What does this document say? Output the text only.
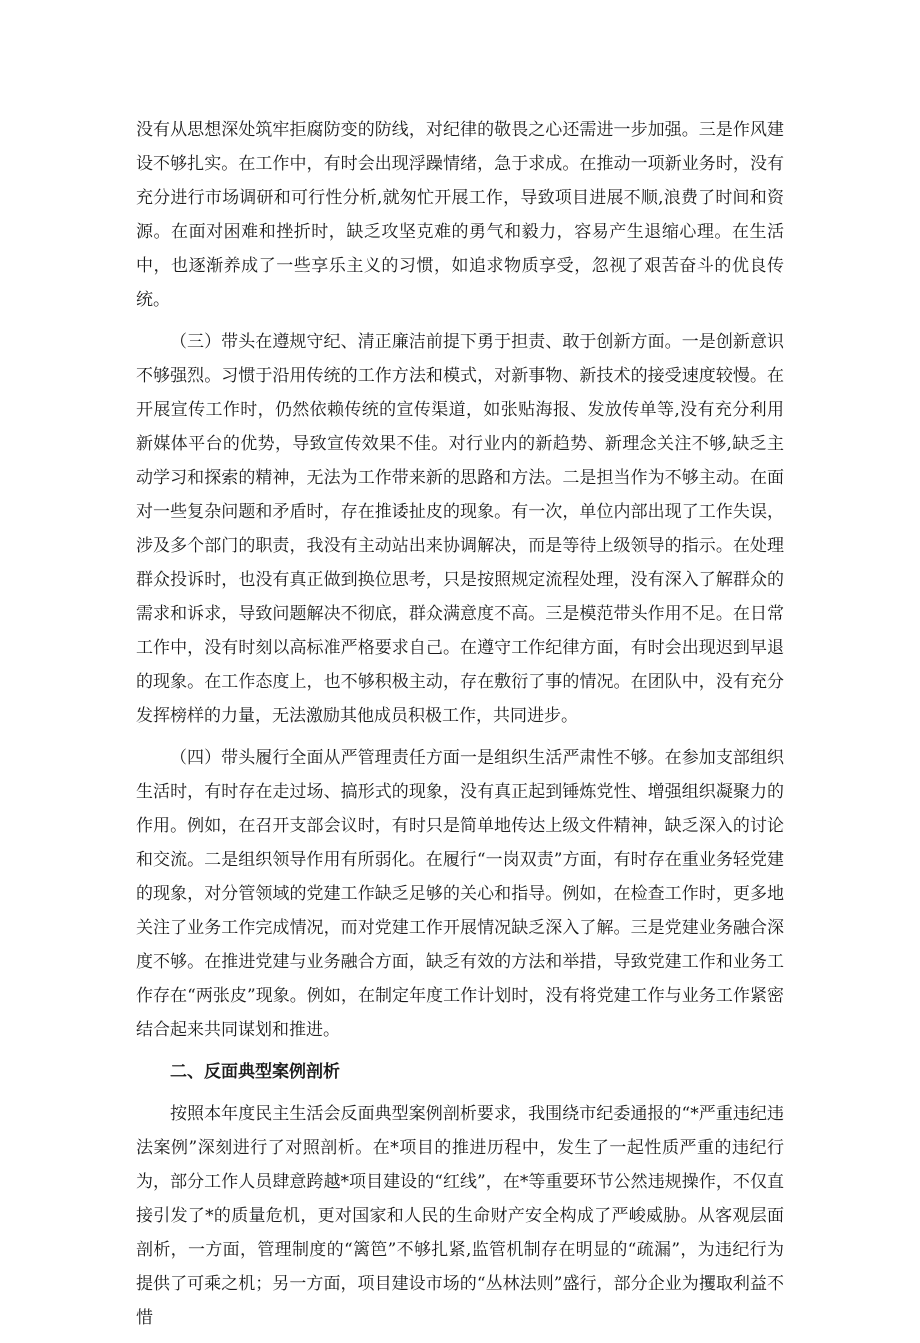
没有从思想深处筑牢拒腐防变的防线，对纪律的敬畏之心还需进一步加强。三是作风建设不够扎实。在工作中，有时会出现浮躁情绪，急于求成。在推动一项新业务时，没有充分进行市场调研和可行性分析,就匆忙开展工作，导致项目进展不顺,浪费了时间和资源。在面对困难和挫折时，缺乏攻坚克难的勇气和毅力，容易产生退缩心理。在生活中，也逐渐养成了一些享乐主义的习惯，如追求物质享受，忽视了艰苦奋斗的优良传统。

（三）带头在遵规守纪、清正廉洁前提下勇于担责、敢于创新方面。一是创新意识不够强烈。习惯于沿用传统的工作方法和模式，对新事物、新技术的接受速度较慢。在开展宣传工作时，仍然依赖传统的宣传渠道，如张贴海报、发放传单等,没有充分利用新媒体平台的优势，导致宣传效果不佳。对行业内的新趋势、新理念关注不够,缺乏主动学习和探索的精神，无法为工作带来新的思路和方法。二是担当作为不够主动。在面对一些复杂问题和矛盾时，存在推诿扯皮的现象。有一次，单位内部出现了工作失误，涉及多个部门的职责，我没有主动站出来协调解决，而是等待上级领导的指示。在处理群众投诉时，也没有真正做到换位思考，只是按照规定流程处理，没有深入了解群众的需求和诉求，导致问题解决不彻底，群众满意度不高。三是模范带头作用不足。在日常工作中，没有时刻以高标准严格要求自己。在遵守工作纪律方面，有时会出现迟到早退的现象。在工作态度上，也不够积极主动，存在敷衍了事的情况。在团队中，没有充分发挥榜样的力量，无法激励其他成员积极工作，共同进步。

（四）带头履行全面从严管理责任方面一是组织生活严肃性不够。在参加支部组织生活时，有时存在走过场、搞形式的现象，没有真正起到锤炼党性、增强组织凝聚力的作用。例如，在召开支部会议时，有时只是简单地传达上级文件精神，缺乏深入的讨论和交流。二是组织领导作用有所弱化。在履行“一岗双责”方面，有时存在重业务轻党建的现象，对分管领域的党建工作缺乏足够的关心和指导。例如，在检查工作时，更多地关注了业务工作完成情况，而对党建工作开展情况缺乏深入了解。三是党建业务融合深度不够。在推进党建与业务融合方面，缺乏有效的方法和举措，导致党建工作和业务工作存在“两张皮”现象。例如，在制定年度工作计划时，没有将党建工作与业务工作紧密结合起来共同谋划和推进。

二、反面典型案例剖析

按照本年度民主生活会反面典型案例剖析要求，我围绕市纪委通报的“*严重违纪违法案例”深刻进行了对照剖析。在*项目的推进历程中，发生了一起性质严重的违纪行为，部分工作人员肆意跨越*项目建设的“红线”，在*等重要环节公然违规操作，不仅直接引发了*的质量危机，更对国家和人民的生命财产安全构成了严峻威胁。从客观层面剖析，一方面，管理制度的“篱笆”不够扎紧,监管机制存在明显的“疏漏”，为违纪行为提供了可乘之机；另一方面，项目建设市场的“丛林法则”盛行，部分企业为攫取利益不惜
